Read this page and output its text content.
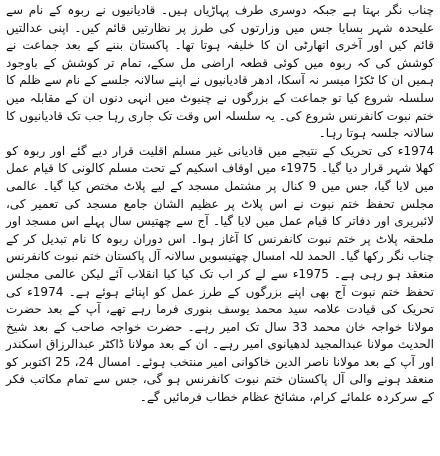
چناب نگر بہتا ہے جبکہ دوسری طرف پہاڑیاں ہیں۔ قادیانیوں نے ربوہ کے نام سے علیحدہ شہر بسایا جس میں وزارتوں کی طرز پر نظارتیں قائم کیں۔ اپنی عدالتیں قائم کیں اور آخری اتھارٹی ان کا خلیفہ ہوتا تھا۔ پاکستان بننے کے بعد جماعت نے کوشش کی کہ ربوہ میں کوئی قطعہ اراضی مل سکے، تمام تر کوشش کے باوجود ہمیں ان کا ٹکڑا میسر نہ آسکا، ادھر قادیانیوں نے اپنے سالانہ جلسے کے نام سے ظلم کا سلسلہ شروع کیا تو جماعت کے بزرگوں نے چنیوٹ میں انہی دنوں ان کے مقابلہ میں ختم نبوت کانفرنس شروع کی۔ یہ سلسلہ اس وقت تک جاری رہا جب تک قادیانیوں کا سالانہ جلسہ ہوتا رہا۔

1974ء کی تحریک کے نتیجے میں قادیانی غیر مسلم اقلیت قرار دیے گئے اور ربوہ کو کھلا شہر قرار دیا گیا۔ 1975ء میں اوقاف اسکیم کے تحت مسلم کالونی کا قیام عمل میں لایا گیا، جس میں 9 کنال پر مشتمل مسجد کے لیے پلاٹ مختص کیا گیا۔ عالمی مجلس تحفظ ختم نبوت نے اس پلاٹ پر عظیم الشان جامع مسجد کی تعمیر کی، لائبریری اور دفاتر کا قیام عمل میں لایا گیا۔ آج سے چھتیس سال پہلے اس مسجد اور ملحقہ پلاٹ پر ختم نبوت کانفرنس کا آغاز ہوا۔ اس دوران ربوہ کا نام تبدیل کر کے چناب نگر رکھا گیا۔ الحمد للہ امسال چھتیسویں سالانہ آل پاکستان ختم نبوت کانفرنس منعقد ہو رہی ہے۔ 1975ء سے لے کر اب تک کیا کیا انقلاب آئے لیکن عالمی مجلس تحفظ ختم نبوت آج بھی اپنے بزرگوں کے طرز عمل کو اپنائے ہوئے ہے۔ 1974ء کی تحریک کی قیادت علامہ سید محمد یوسف بنوری فرما رہے تھے، آپ کے بعد حضرت مولانا خواجہ خان محمد 33 سال تک امیر رہے۔ حضرت خواجہ صاحب کے بعد شیخ الحدیث مولانا عبدالمجید لدھیانوی امیر رہے۔ ان کے بعد مولانا ڈاکٹر عبدالرزاق اسکندر اور آپ کے بعد مولانا ناصر الدین خاکوانی امیر منتخب ہوئے۔ امسال 24، 25 اکتوبر کو منعقد ہونے والی آل پاکستان ختم نبوت کانفرنس ہو گی، جس سے تمام مکاتب فکر کے سرکردہ علمائے کرام، مشائخ عظام خطاب فرمائیں گے۔
